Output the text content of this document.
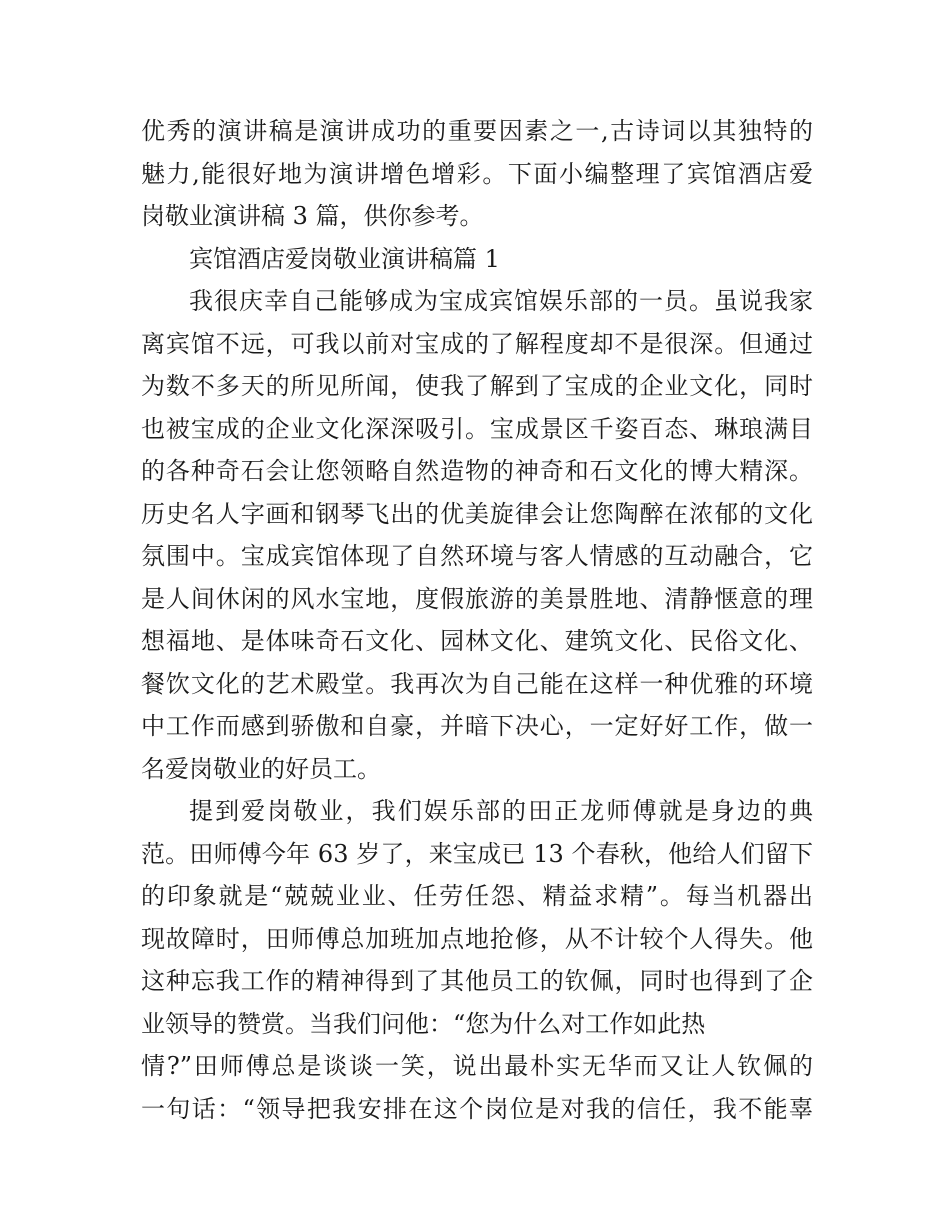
优秀的演讲稿是演讲成功的重要因素之一,古诗词以其独特的
魅力,能很好地为演讲增色增彩。下面小编整理了宾馆酒店爱
岗敬业演讲稿 3 篇，供你参考。
宾馆酒店爱岗敬业演讲稿篇 1
我很庆幸自己能够成为宝成宾馆娱乐部的一员。虽说我家
离宾馆不远，可我以前对宝成的了解程度却不是很深。但通过
为数不多天的所见所闻，使我了解到了宝成的企业文化，同时
也被宝成的企业文化深深吸引。宝成景区千姿百态、琳琅满目
的各种奇石会让您领略自然造物的神奇和石文化的博大精深。
历史名人字画和钢琴飞出的优美旋律会让您陶醉在浓郁的文化
氛围中。宝成宾馆体现了自然环境与客人情感的互动融合，它
是人间休闲的风水宝地，度假旅游的美景胜地、清静惬意的理
想福地、是体味奇石文化、园林文化、建筑文化、民俗文化、
餐饮文化的艺术殿堂。我再次为自己能在这样一种优雅的环境
中工作而感到骄傲和自豪，并暗下决心，一定好好工作，做一
名爱岗敬业的好员工。
提到爱岗敬业，我们娱乐部的田正龙师傅就是身边的典
范。田师傅今年 63 岁了，来宝成已 13 个春秋，他给人们留下
的印象就是“兢兢业业、任劳任怨、精益求精”。每当机器出
现故障时，田师傅总加班加点地抢修，从不计较个人得失。他
这种忘我工作的精神得到了其他员工的钦佩，同时也得到了企
业领导的赞赏。当我们问他：“您为什么对工作如此热
情?”田师傅总是谈谈一笑，说出最朴实无华而又让人钦佩的
一句话：“领导把我安排在这个岗位是对我的信任，我不能辜
